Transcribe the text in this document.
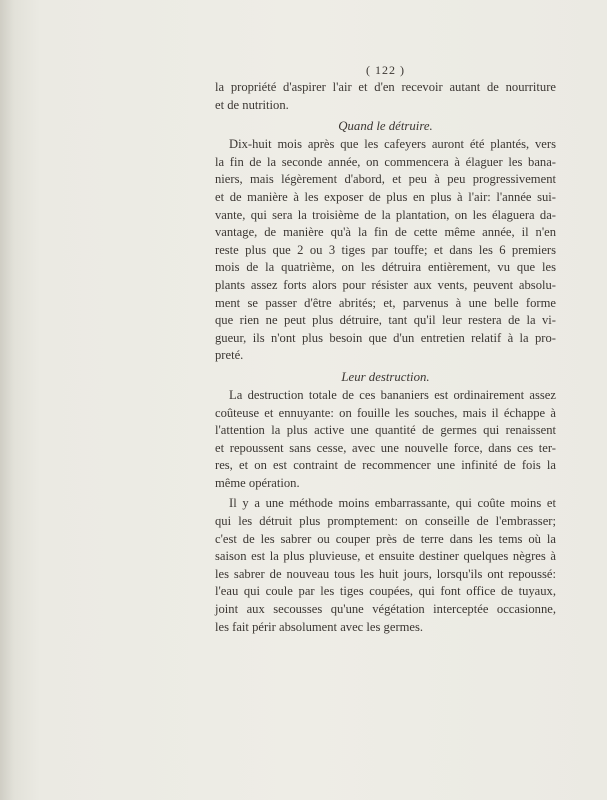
( 122 )
la propriété d'aspirer l'air et d'en recevoir autant de nourriture
et de nutrition.
Quand le détruire.
Dix-huit mois après que les cafeyers auront été plantés, vers
la fin de la seconde année, on commencera à élaguer les bana-
niers, mais légèrement d'abord, et peu à peu progressivement
et de manière à les exposer de plus en plus à l'air: l'année sui-
vante, qui sera la troisième de la plantation, on les élaguera da-
vantage, de manière qu'à la fin de cette même année, il n'en
reste plus que 2 ou 3 tiges par touffe; et dans les 6 premiers
mois de la quatrième, on les détruira entièrement, vu que les
plants assez forts alors pour résister aux vents, peuvent absolu-
ment se passer d'être abrités; et, parvenus à une belle forme
que rien ne peut plus détruire, tant qu'il leur restera de la vi-
gueur, ils n'ont plus besoin que d'un entretien relatif à la pro-
preté.
Leur destruction.
La destruction totale de ces bananiers est ordinairement assez
coûteuse et ennuyante: on fouille les souches, mais il échappe à
l'attention la plus active une quantité de germes qui renaissent
et repoussent sans cesse, avec une nouvelle force, dans ces ter-
res, et on est contraint de recommencer une infinité de fois la
même opération.
Il y a une méthode moins embarrassante, qui coûte moins et
qui les détruit plus promptement: on conseille de l'embrasser;
c'est de les sabrer ou couper près de terre dans les tems où la
saison est la plus pluvieuse, et ensuite destiner quelques nègres à
les sabrer de nouveau tous les huit jours, lorsqu'ils ont repoussé:
l'eau qui coule par les tiges coupées, qui font office de tuyaux,
joint aux secousses qu'une végétation interceptée occasionne,
les fait périr absolument avec les germes.
